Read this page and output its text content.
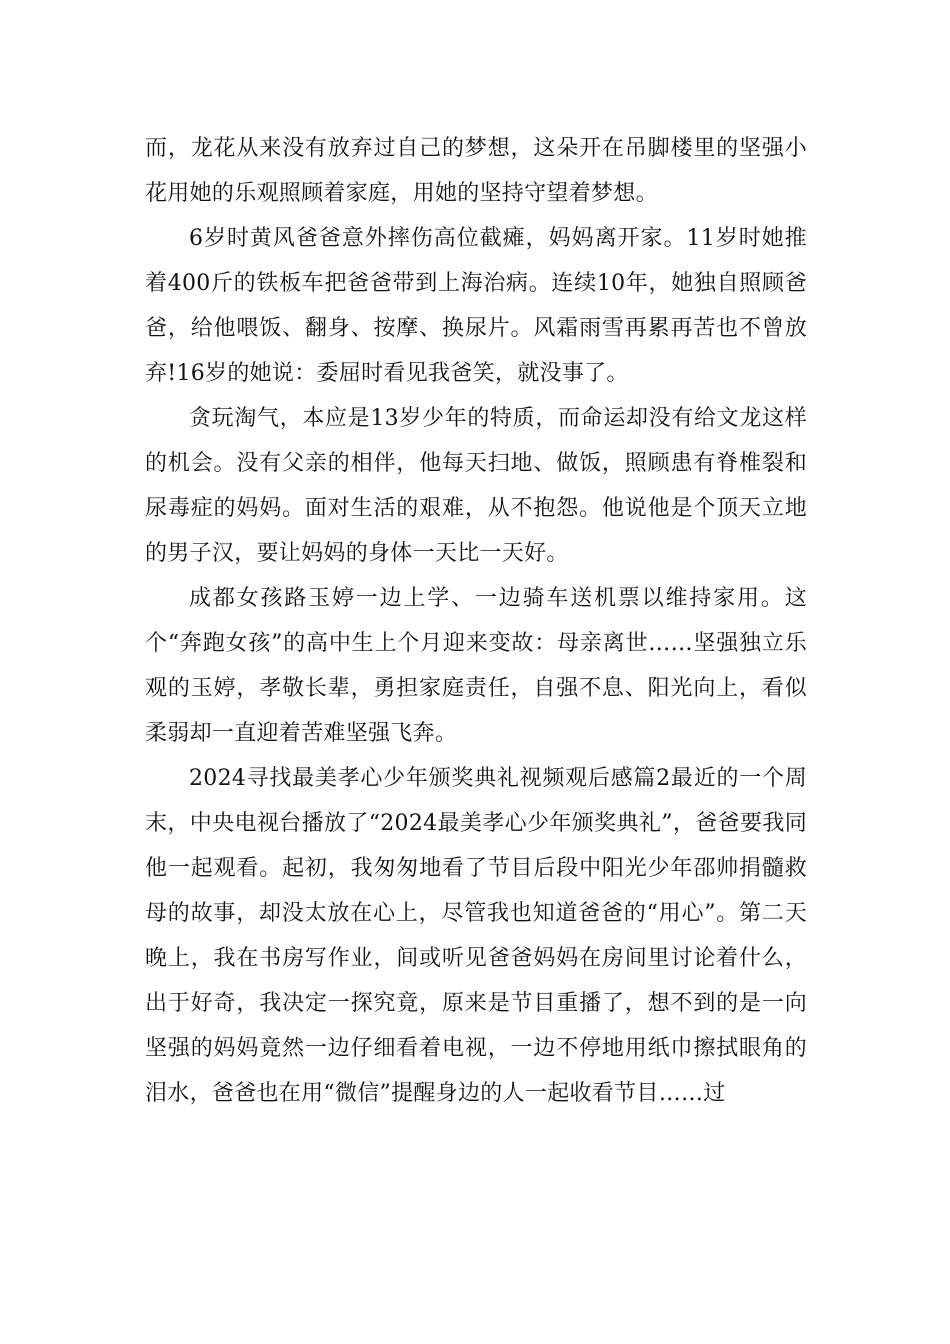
而，龙花从来没有放弃过自己的梦想，这朵开在吊脚楼里的坚强小花用她的乐观照顾着家庭，用她的坚持守望着梦想。

6岁时黄风爸爸意外摔伤高位截瘫，妈妈离开家。11岁时她推着400斤的铁板车把爸爸带到上海治病。连续10年，她独自照顾爸爸，给他喂饭、翻身、按摩、换尿片。风霜雨雪再累再苦也不曾放弃!16岁的她说：委屈时看见我爸笑，就没事了。

贪玩淘气，本应是13岁少年的特质，而命运却没有给文龙这样的机会。没有父亲的相伴，他每天扫地、做饭，照顾患有脊椎裂和尿毒症的妈妈。面对生活的艰难，从不抱怨。他说他是个顶天立地的男子汉，要让妈妈的身体一天比一天好。

成都女孩路玉婷一边上学、一边骑车送机票以维持家用。这个“奔跑女孩”的高中生上个月迎来变故：母亲离世……坚强独立乐观的玉婷，孝敬长辈，勇担家庭责任，自强不息、阳光向上，看似柔弱却一直迎着苦难坚强飞奔。

2024寻找最美孝心少年颁奖典礼视频观后感篇2最近的一个周末，中央电视台播放了“2024最美孝心少年颁奖典礼”，爸爸要我同他一起观看。起初，我匆匆地看了节目后段中阳光少年邵帅捐髓救母的故事，却没太放在心上，尽管我也知道爸爸的“用心”。第二天晚上，我在书房写作业，间或听见爸爸妈妈在房间里讨论着什么，出于好奇，我决定一探究竟，原来是节目重播了，想不到的是一向坚强的妈妈竟然一边仔细看着电视，一边不停地用纸巾擦拭眼角的泪水，爸爸也在用“微信”提醒身边的人一起收看节目……过
